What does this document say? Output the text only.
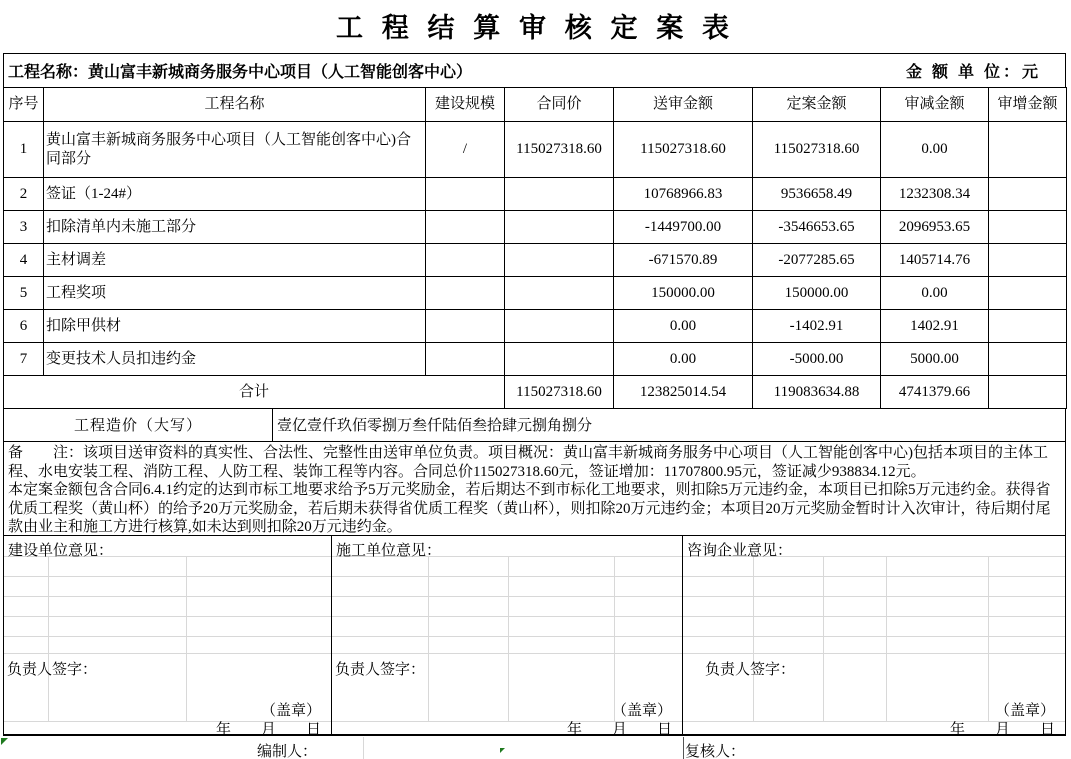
工 程 结 算 审 核 定 案 表
工程名称：黄山富丰新城商务服务中心项目（人工智能创客中心）	金 额 单 位：元
序号	工程名称	建设规模	合同价	送审金额	定案金额	审减金额	审增金额
1	黄山富丰新城商务服务中心项目（人工智能创客中心)合同部分	/	115027318.60	115027318.60	115027318.60	0.00	
2	签证（1-24#）			10768966.83	9536658.49	1232308.34	
3	扣除清单内未施工部分			-1449700.00	-3546653.65	2096953.65	
4	主材调差			-671570.89	-2077285.65	1405714.76	
5	工程奖项			150000.00	150000.00	0.00	
6	扣除甲供材			0.00	-1402.91	1402.91	
7	变更技术人员扣违约金			0.00	-5000.00	5000.00	
合计			115027318.60	123825014.54	119083634.88	4741379.66	
工程造价（大写）	壹亿壹仟玖佰零捌万叁仟陆佰叁拾肆元捌角捌分

备　　注：该项目送审资料的真实性、合法性、完整性由送审单位负责。项目概况：黄山富丰新城商务服务中心项目（人工智能创客中心)包括本项目的主体工程、水电安装工程、消防工程、人防工程、装饰工程等内容。合同总价115027318.60元，签证增加：11707800.95元，签证减少938834.12元。

本定案金额包含合同6.4.1约定的达到市标工地要求给予5万元奖励金，若后期达不到市标化工地要求，则扣除5万元违约金，本项目已扣除5万元违约金。获得省优质工程奖（黄山杯）的给予20万元奖励金，若后期未获得省优质工程奖（黄山杯），则扣除20万元违约金；本项目20万元奖励金暂时计入次审计，待后期付尾款由业主和施工方进行核算,如未达到则扣除20万元违约金。

建设单位意见：
负责人签字：
（盖章）
年　　月　　日
施工单位意见：
负责人签字：
（盖章）
年　　月　　日
咨询企业意见：
负责人签字：
（盖章）
年　　月　　日
编制人：	复核人：
